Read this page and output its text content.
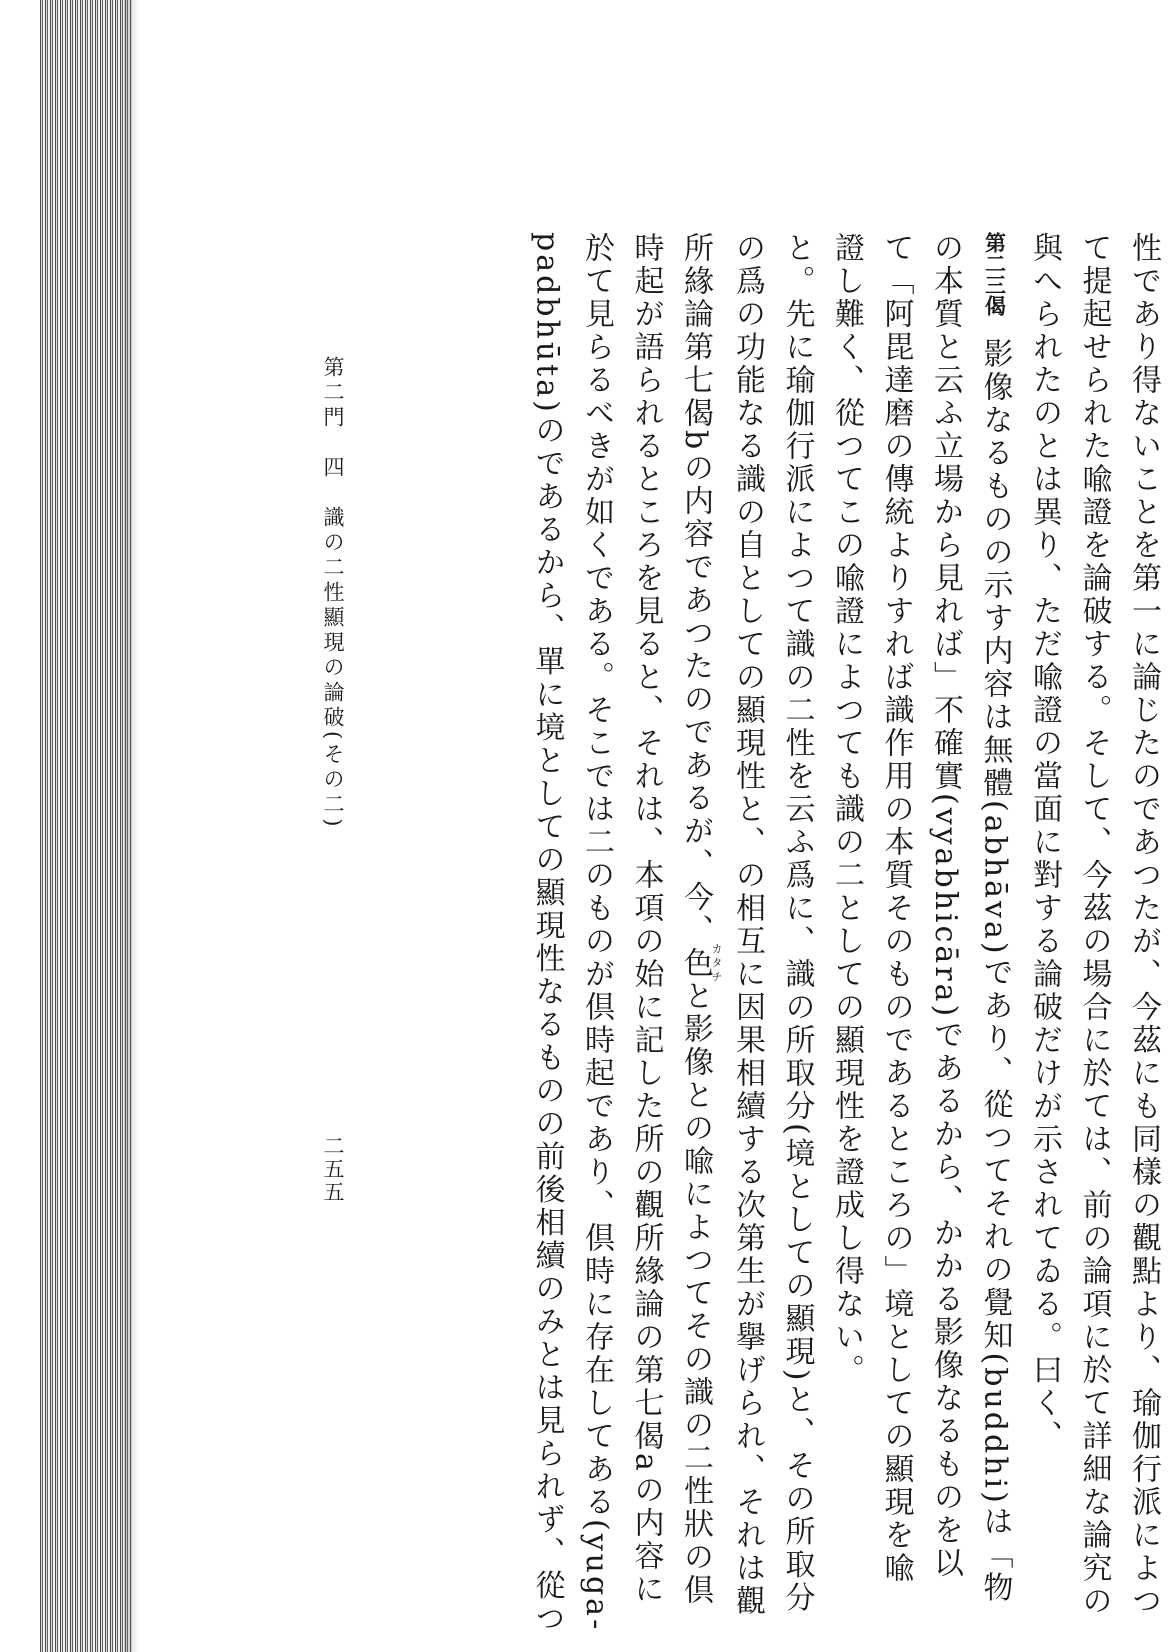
性であり得ないことを第一に論じたのであつたが、今茲にも同樣の觀點より、瑜伽行派によつ
て提起せられた喩證を論破する。そして、今茲の場合に於ては、前の論項に於て詳細な論究の
與へられたのとは異り、ただ喩證の當面に對する論破だけが示されてゐる。曰く、
第二三偈影像なるものの示す内容は無體(abhāva)であり、從つてそれの覺知(buddhi)は「物
の本質と云ふ立場から見れば」不確實(vyabhicāra)であるから、かかる影像なるものを以
て「阿毘達磨の傳統よりすれば識作用の本質そのものであるところの」境としての顯現を喩
證し難く、從つてこの喩證によつても識の二としての顯現性を證成し得ない。
と。先に瑜伽行派によつて識の二性を云ふ爲に、識の所取分(境としての顯現)と、その所取分
の爲の功能なる識の自としての顯現性と、の相互に因果相續する次第生が擧げられ、それは觀
所緣論第七偈bの内容であつたのであるが、今、色カタチと影像との喩によつてその識の二性狀の倶
時起が語られるところを見ると、それは、本項の始に記した所の觀所緣論の第七偈aの内容に
於て見らるべきが如くである。そこでは二のものが倶時起であり、倶時に存在してある(yuga-
padbhūta)のであるから、單に境としての顯現性なるものの前後相續のみとは見られず、從つ
第二門　四　識の二性顯現の論破(その二)
二五五
